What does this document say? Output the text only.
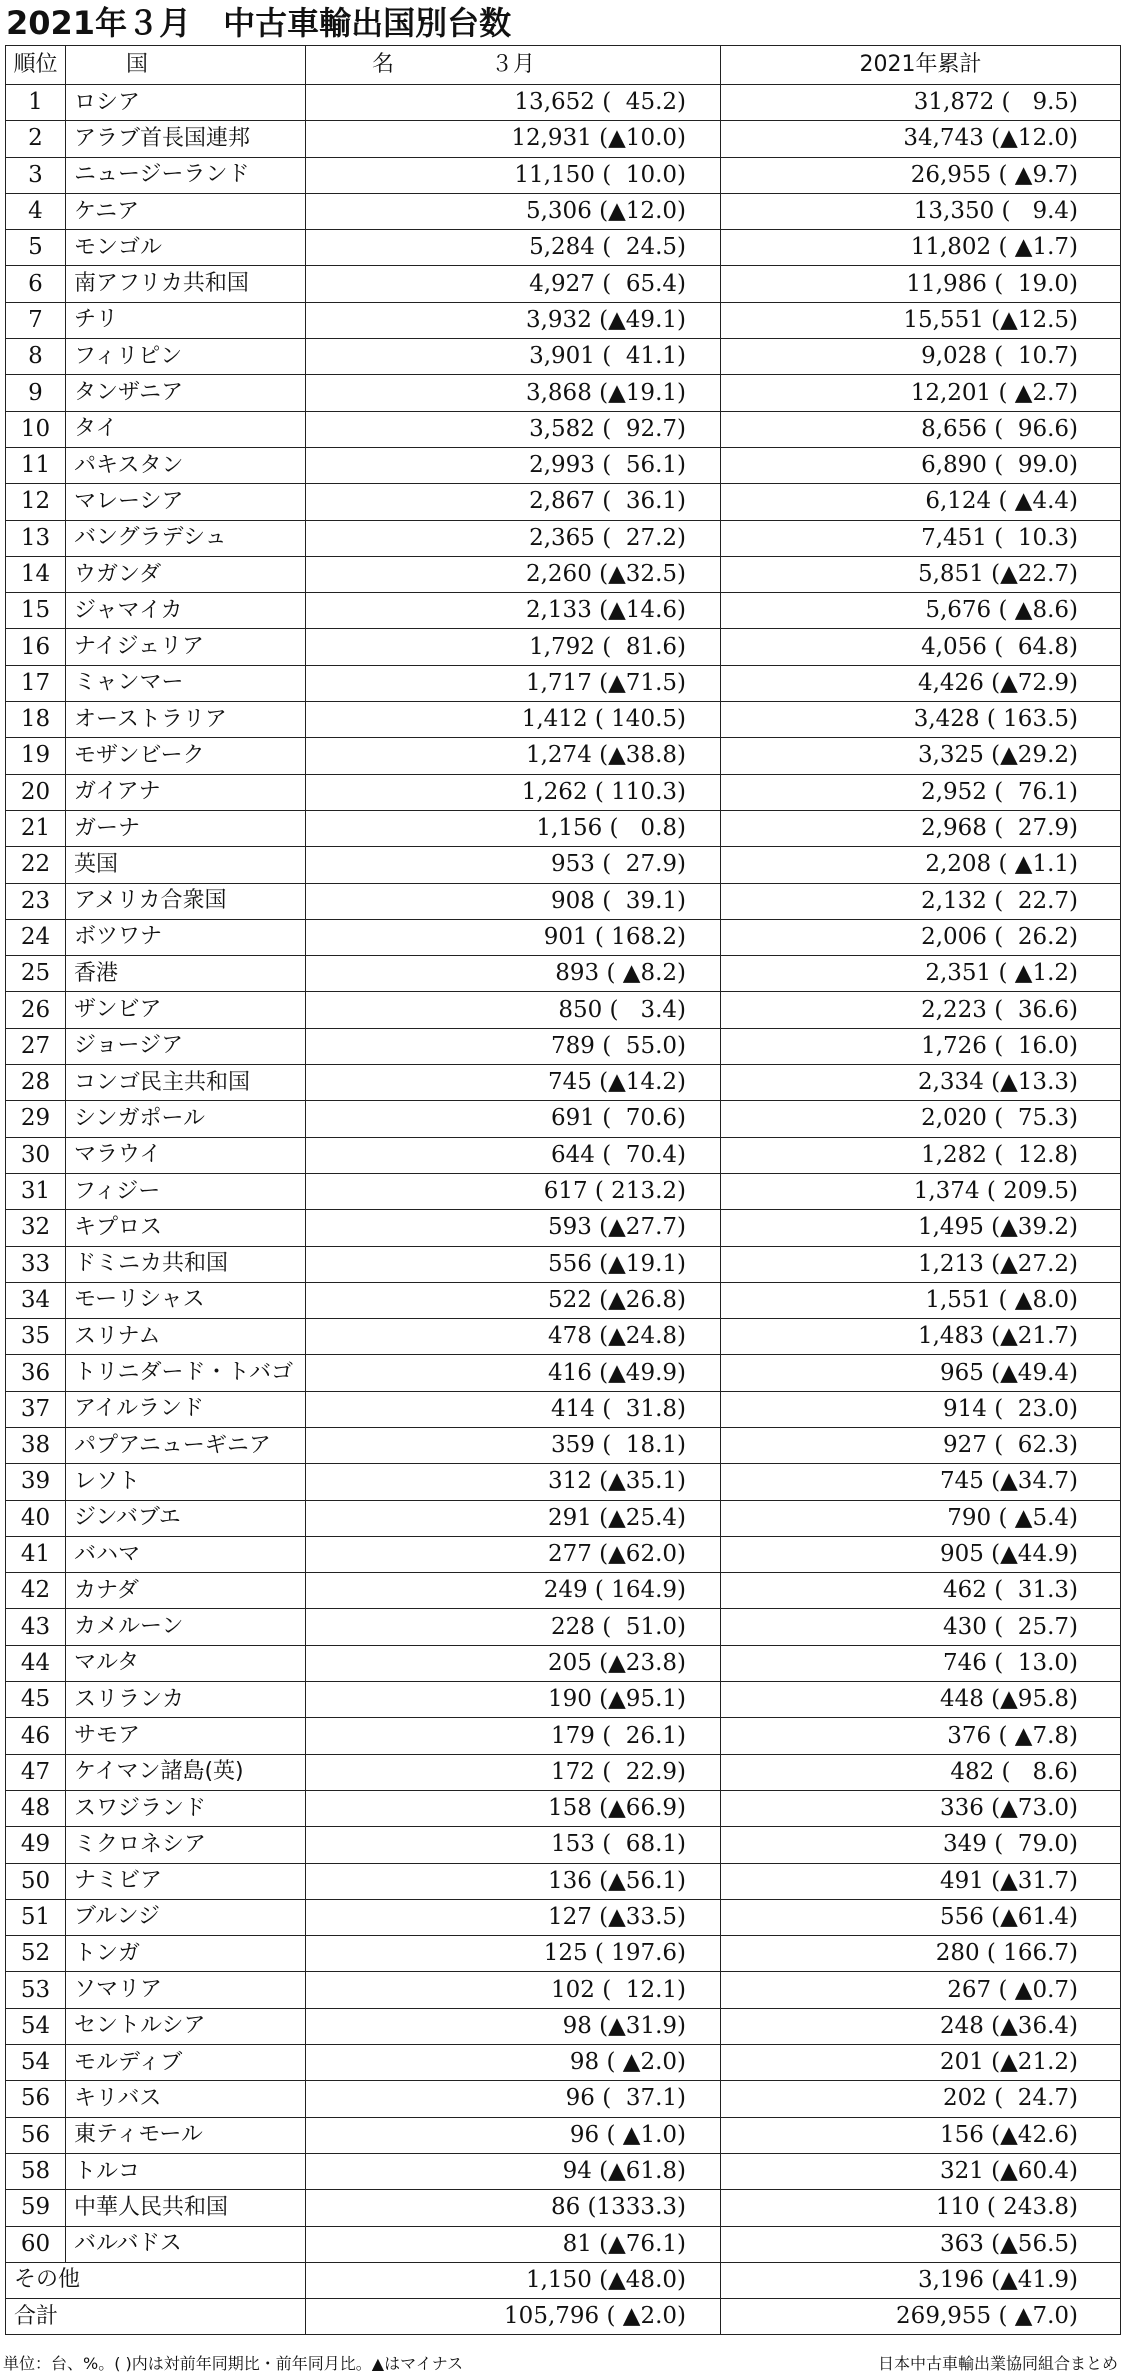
2021年３月　中古車輸出国別台数
順位	国　　名	３月	2021年累計
1	ロシア	13,652 (  45.2)	31,872 (   9.5)
2	アラブ首長国連邦	12,931 (▲10.0)	34,743 (▲12.0)
3	ニュージーランド	11,150 (  10.0)	26,955 ( ▲9.7)
4	ケニア	5,306 (▲12.0)	13,350 (   9.4)
5	モンゴル	5,284 (  24.5)	11,802 ( ▲1.7)
6	南アフリカ共和国	4,927 (  65.4)	11,986 (  19.0)
7	チリ	3,932 (▲49.1)	15,551 (▲12.5)
8	フィリピン	3,901 (  41.1)	9,028 (  10.7)
9	タンザニア	3,868 (▲19.1)	12,201 ( ▲2.7)
10	タイ	3,582 (  92.7)	8,656 (  96.6)
11	パキスタン	2,993 (  56.1)	6,890 (  99.0)
12	マレーシア	2,867 (  36.1)	6,124 ( ▲4.4)
13	バングラデシュ	2,365 (  27.2)	7,451 (  10.3)
14	ウガンダ	2,260 (▲32.5)	5,851 (▲22.7)
15	ジャマイカ	2,133 (▲14.6)	5,676 ( ▲8.6)
16	ナイジェリア	1,792 (  81.6)	4,056 (  64.8)
17	ミャンマー	1,717 (▲71.5)	4,426 (▲72.9)
18	オーストラリア	1,412 ( 140.5)	3,428 ( 163.5)
19	モザンビーク	1,274 (▲38.8)	3,325 (▲29.2)
20	ガイアナ	1,262 ( 110.3)	2,952 (  76.1)
21	ガーナ	1,156 (   0.8)	2,968 (  27.9)
22	英国	953 (  27.9)	2,208 ( ▲1.1)
23	アメリカ合衆国	908 (  39.1)	2,132 (  22.7)
24	ボツワナ	901 ( 168.2)	2,006 (  26.2)
25	香港	893 ( ▲8.2)	2,351 ( ▲1.2)
26	ザンビア	850 (   3.4)	2,223 (  36.6)
27	ジョージア	789 (  55.0)	1,726 (  16.0)
28	コンゴ民主共和国	745 (▲14.2)	2,334 (▲13.3)
29	シンガポール	691 (  70.6)	2,020 (  75.3)
30	マラウイ	644 (  70.4)	1,282 (  12.8)
31	フィジー	617 ( 213.2)	1,374 ( 209.5)
32	キプロス	593 (▲27.7)	1,495 (▲39.2)
33	ドミニカ共和国	556 (▲19.1)	1,213 (▲27.2)
34	モーリシャス	522 (▲26.8)	1,551 ( ▲8.0)
35	スリナム	478 (▲24.8)	1,483 (▲21.7)
36	トリニダード・トバゴ	416 (▲49.9)	965 (▲49.4)
37	アイルランド	414 (  31.8)	914 (  23.0)
38	パプアニューギニア	359 (  18.1)	927 (  62.3)
39	レソト	312 (▲35.1)	745 (▲34.7)
40	ジンバブエ	291 (▲25.4)	790 ( ▲5.4)
41	バハマ	277 (▲62.0)	905 (▲44.9)
42	カナダ	249 ( 164.9)	462 (  31.3)
43	カメルーン	228 (  51.0)	430 (  25.7)
44	マルタ	205 (▲23.8)	746 (  13.0)
45	スリランカ	190 (▲95.1)	448 (▲95.8)
46	サモア	179 (  26.1)	376 ( ▲7.8)
47	ケイマン諸島(英)	172 (  22.9)	482 (   8.6)
48	スワジランド	158 (▲66.9)	336 (▲73.0)
49	ミクロネシア	153 (  68.1)	349 (  79.0)
50	ナミビア	136 (▲56.1)	491 (▲31.7)
51	ブルンジ	127 (▲33.5)	556 (▲61.4)
52	トンガ	125 ( 197.6)	280 ( 166.7)
53	ソマリア	102 (  12.1)	267 ( ▲0.7)
54	セントルシア	98 (▲31.9)	248 (▲36.4)
54	モルディブ	98 ( ▲2.0)	201 (▲21.2)
56	キリバス	96 (  37.1)	202 (  24.7)
56	東ティモール	96 ( ▲1.0)	156 (▲42.6)
58	トルコ	94 (▲61.8)	321 (▲60.4)
59	中華人民共和国	86 (1333.3)	110 ( 243.8)
60	バルバドス	81 (▲76.1)	363 (▲56.5)
その他		1,150 (▲48.0)	3,196 (▲41.9)
合計		105,796 ( ▲2.0)	269,955 ( ▲7.0)
単位：台、%。( )内は対前年同期比・前年同月比。▲はマイナス	日本中古車輸出業協同組合まとめ
